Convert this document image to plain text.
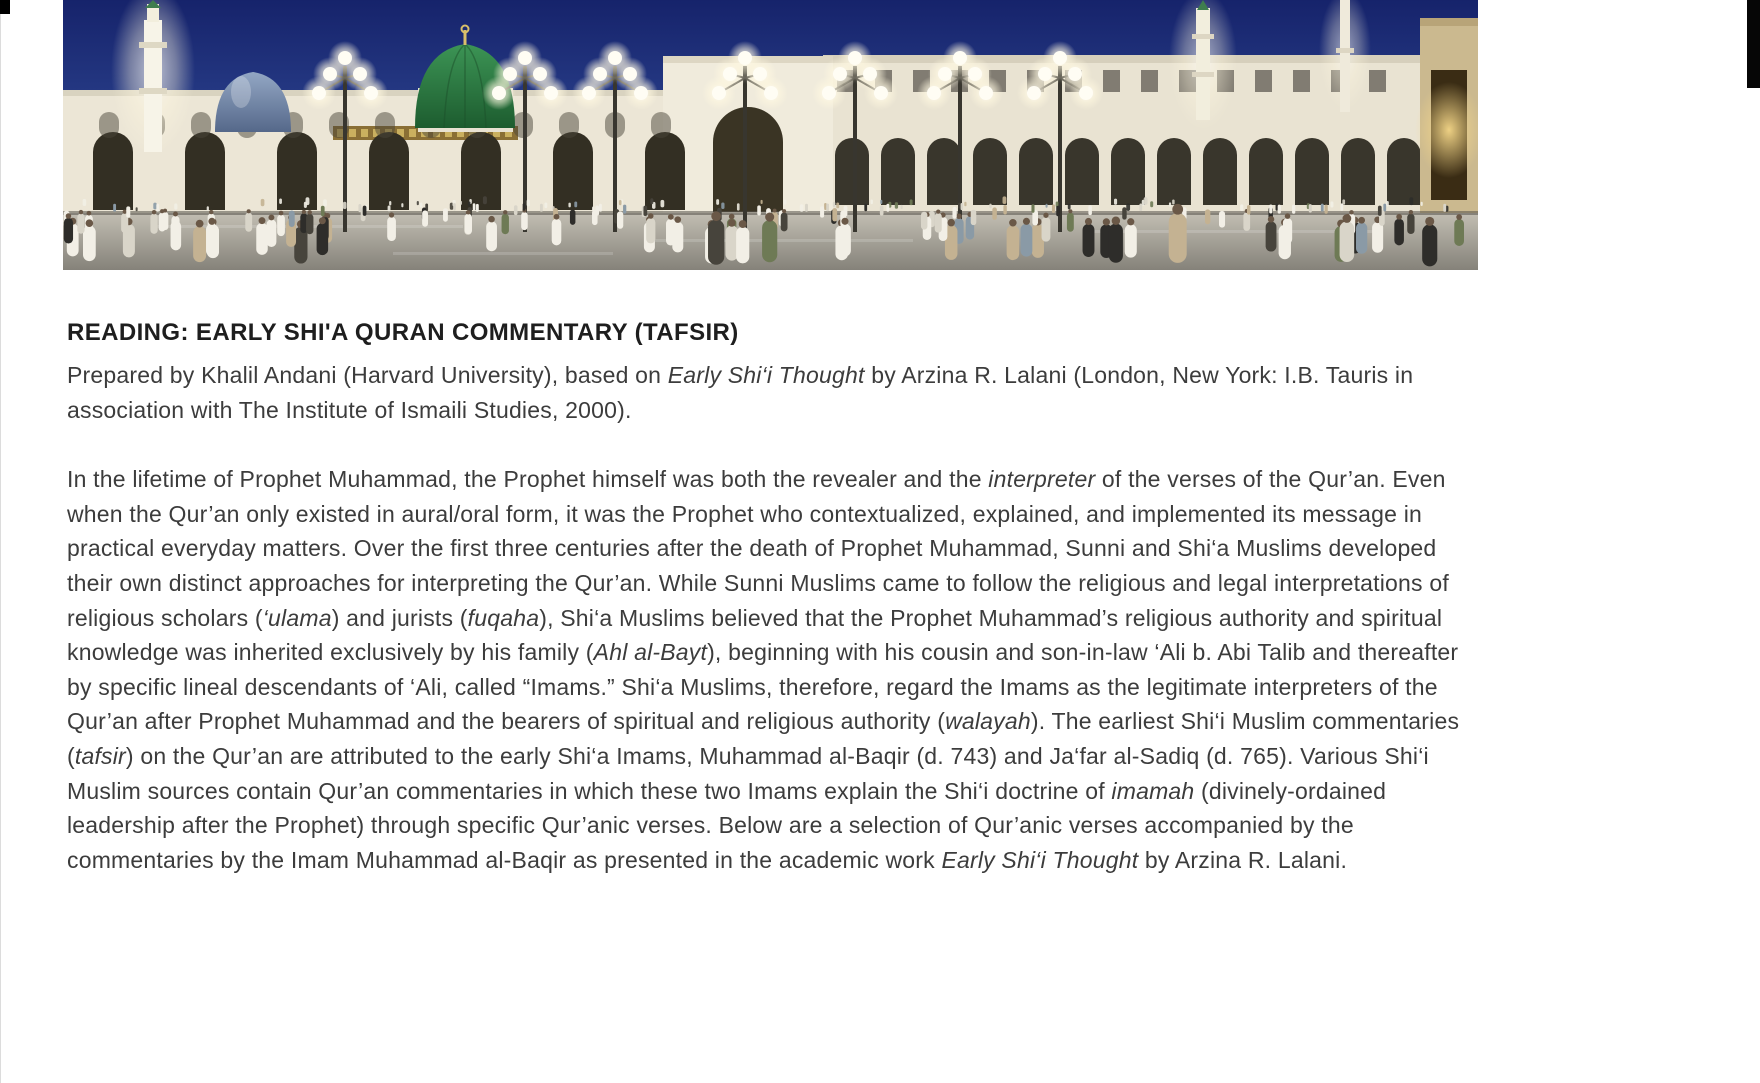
READING: EARLY SHI'A QURAN COMMENTARY (TAFSIR)

Prepared by Khalil Andani (Harvard University), based on Early Shi‘i Thought by Arzina R. Lalani (London, New York: I.B. Tauris in association with The Institute of Ismaili Studies, 2000).

In the lifetime of Prophet Muhammad, the Prophet himself was both the revealer and the interpreter of the verses of the Qur’an. Even when the Qur’an only existed in aural/oral form, it was the Prophet who contextualized, explained, and implemented its message in practical everyday matters. Over the first three centuries after the death of Prophet Muhammad, Sunni and Shi‘a Muslims developed their own distinct approaches for interpreting the Qur’an. While Sunni Muslims came to follow the religious and legal interpretations of religious scholars (‘ulama) and jurists (fuqaha), Shi‘a Muslims believed that the Prophet Muhammad’s religious authority and spiritual knowledge was inherited exclusively by his family (Ahl al-Bayt), beginning with his cousin and son-in-law ‘Ali b. Abi Talib and thereafter by specific lineal descendants of ‘Ali, called “Imams.” Shi‘a Muslims, therefore, regard the Imams as the legitimate interpreters of the Qur’an after Prophet Muhammad and the bearers of spiritual and religious authority (walayah). The earliest Shi‘i Muslim commentaries (tafsir) on the Qur’an are attributed to the early Shi‘a Imams, Muhammad al-Baqir (d. 743) and Ja‘far al-Sadiq (d. 765). Various Shi‘i Muslim sources contain Qur’an commentaries in which these two Imams explain the Shi‘i doctrine of imamah (divinely-ordained leadership after the Prophet) through specific Qur’anic verses. Below are a selection of Qur’anic verses accompanied by the commentaries by the Imam Muhammad al-Baqir as presented in the academic work Early Shi‘i Thought by Arzina R. Lalani.
